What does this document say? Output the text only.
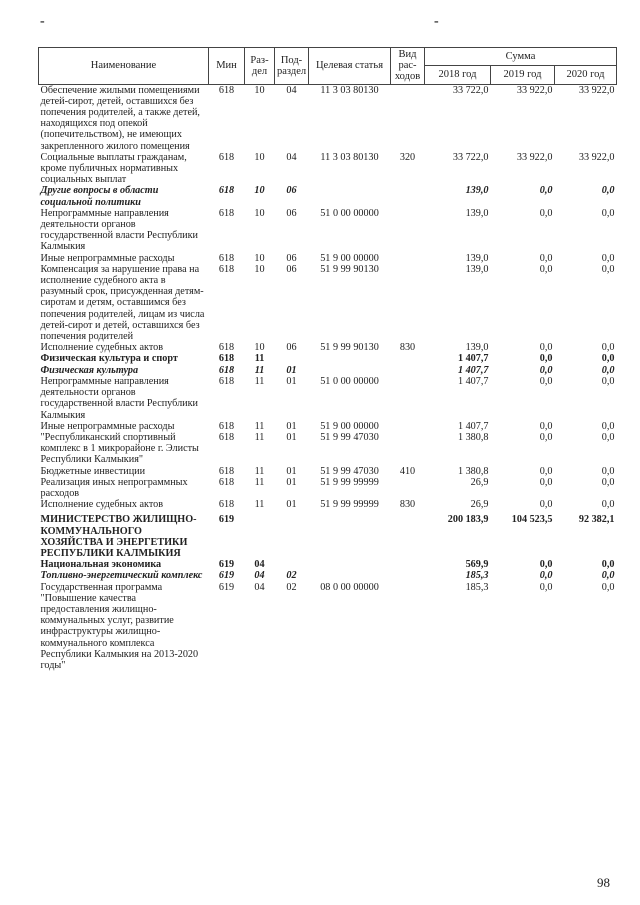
-	-
Наименование	Мин	Раз-дел	Под-раздел	Целевая статья	Вид рас-ходов	Сумма		
						2018 год	2019 год	2020 год
Обеспечение жилыми помещениями детей-сирот, детей, оставшихся без попечения родителей, а также детей, находящихся под опекой (попечительством), не имеющих закрепленного жилого помещения	618	10	04	11 3 03 80130		33 722,0	33 922,0	33 922,0
Социальные выплаты гражданам, кроме публичных нормативных социальных выплат	618	10	04	11 3 03 80130	320	33 722,0	33 922,0	33 922,0
Другие вопросы в области социальной политики	618	10	06			139,0	0,0	0,0
Непрограммные направления деятельности органов государственной власти Республики Калмыкия	618	10	06	51 0 00 00000		139,0	0,0	0,0
Иные непрограммные расходы	618	10	06	51 9 00 00000		139,0	0,0	0,0
Компенсация за нарушение права на исполнение судебного акта в разумный срок, присужденная детям-сиротам и детям, оставшимся без попечения родителей, лицам из числа детей-сирот и детей, оставшихся без попечения родителей	618	10	06	51 9 99 90130		139,0	0,0	0,0
Исполнение судебных актов	618	10	06	51 9 99 90130	830	139,0	0,0	0,0
Физическая культура и спорт	618	11				1 407,7	0,0	0,0
Физическая культура	618	11	01			1 407,7	0,0	0,0
Непрограммные направления деятельности органов государственной власти Республики Калмыкия	618	11	01	51 0 00 00000		1 407,7	0,0	0,0
Иные непрограммные расходы	618	11	01	51 9 00 00000		1 407,7	0,0	0,0
"Республиканский спортивный комплекс в 1 микрорайоне г. Элисты Республики Калмыкия"	618	11	01	51 9 99 47030		1 380,8	0,0	0,0
Бюджетные инвестиции	618	11	01	51 9 99 47030	410	1 380,8	0,0	0,0
Реализация иных непрограммных расходов	618	11	01	51 9 99 99999		26,9	0,0	0,0
Исполнение судебных актов	618	11	01	51 9 99 99999	830	26,9	0,0	0,0
МИНИСТЕРСТВО ЖИЛИЩНО-КОММУНАЛЬНОГО ХОЗЯЙСТВА И ЭНЕРГЕТИКИ РЕСПУБЛИКИ КАЛМЫКИЯ	619					200 183,9	104 523,5	92 382,1
Национальная экономика	619	04				569,9	0,0	0,0
Топливно-энергетический комплекс	619	04	02			185,3	0,0	0,0
Государственная программа "Повышение качества предоставления жилищно-коммунальных услуг, развитие инфраструктуры жилищно-коммунального комплекса Республики Калмыкия на 2013-2020 годы"	619	04	02	08 0 00 00000		185,3	0,0	0,0
98
